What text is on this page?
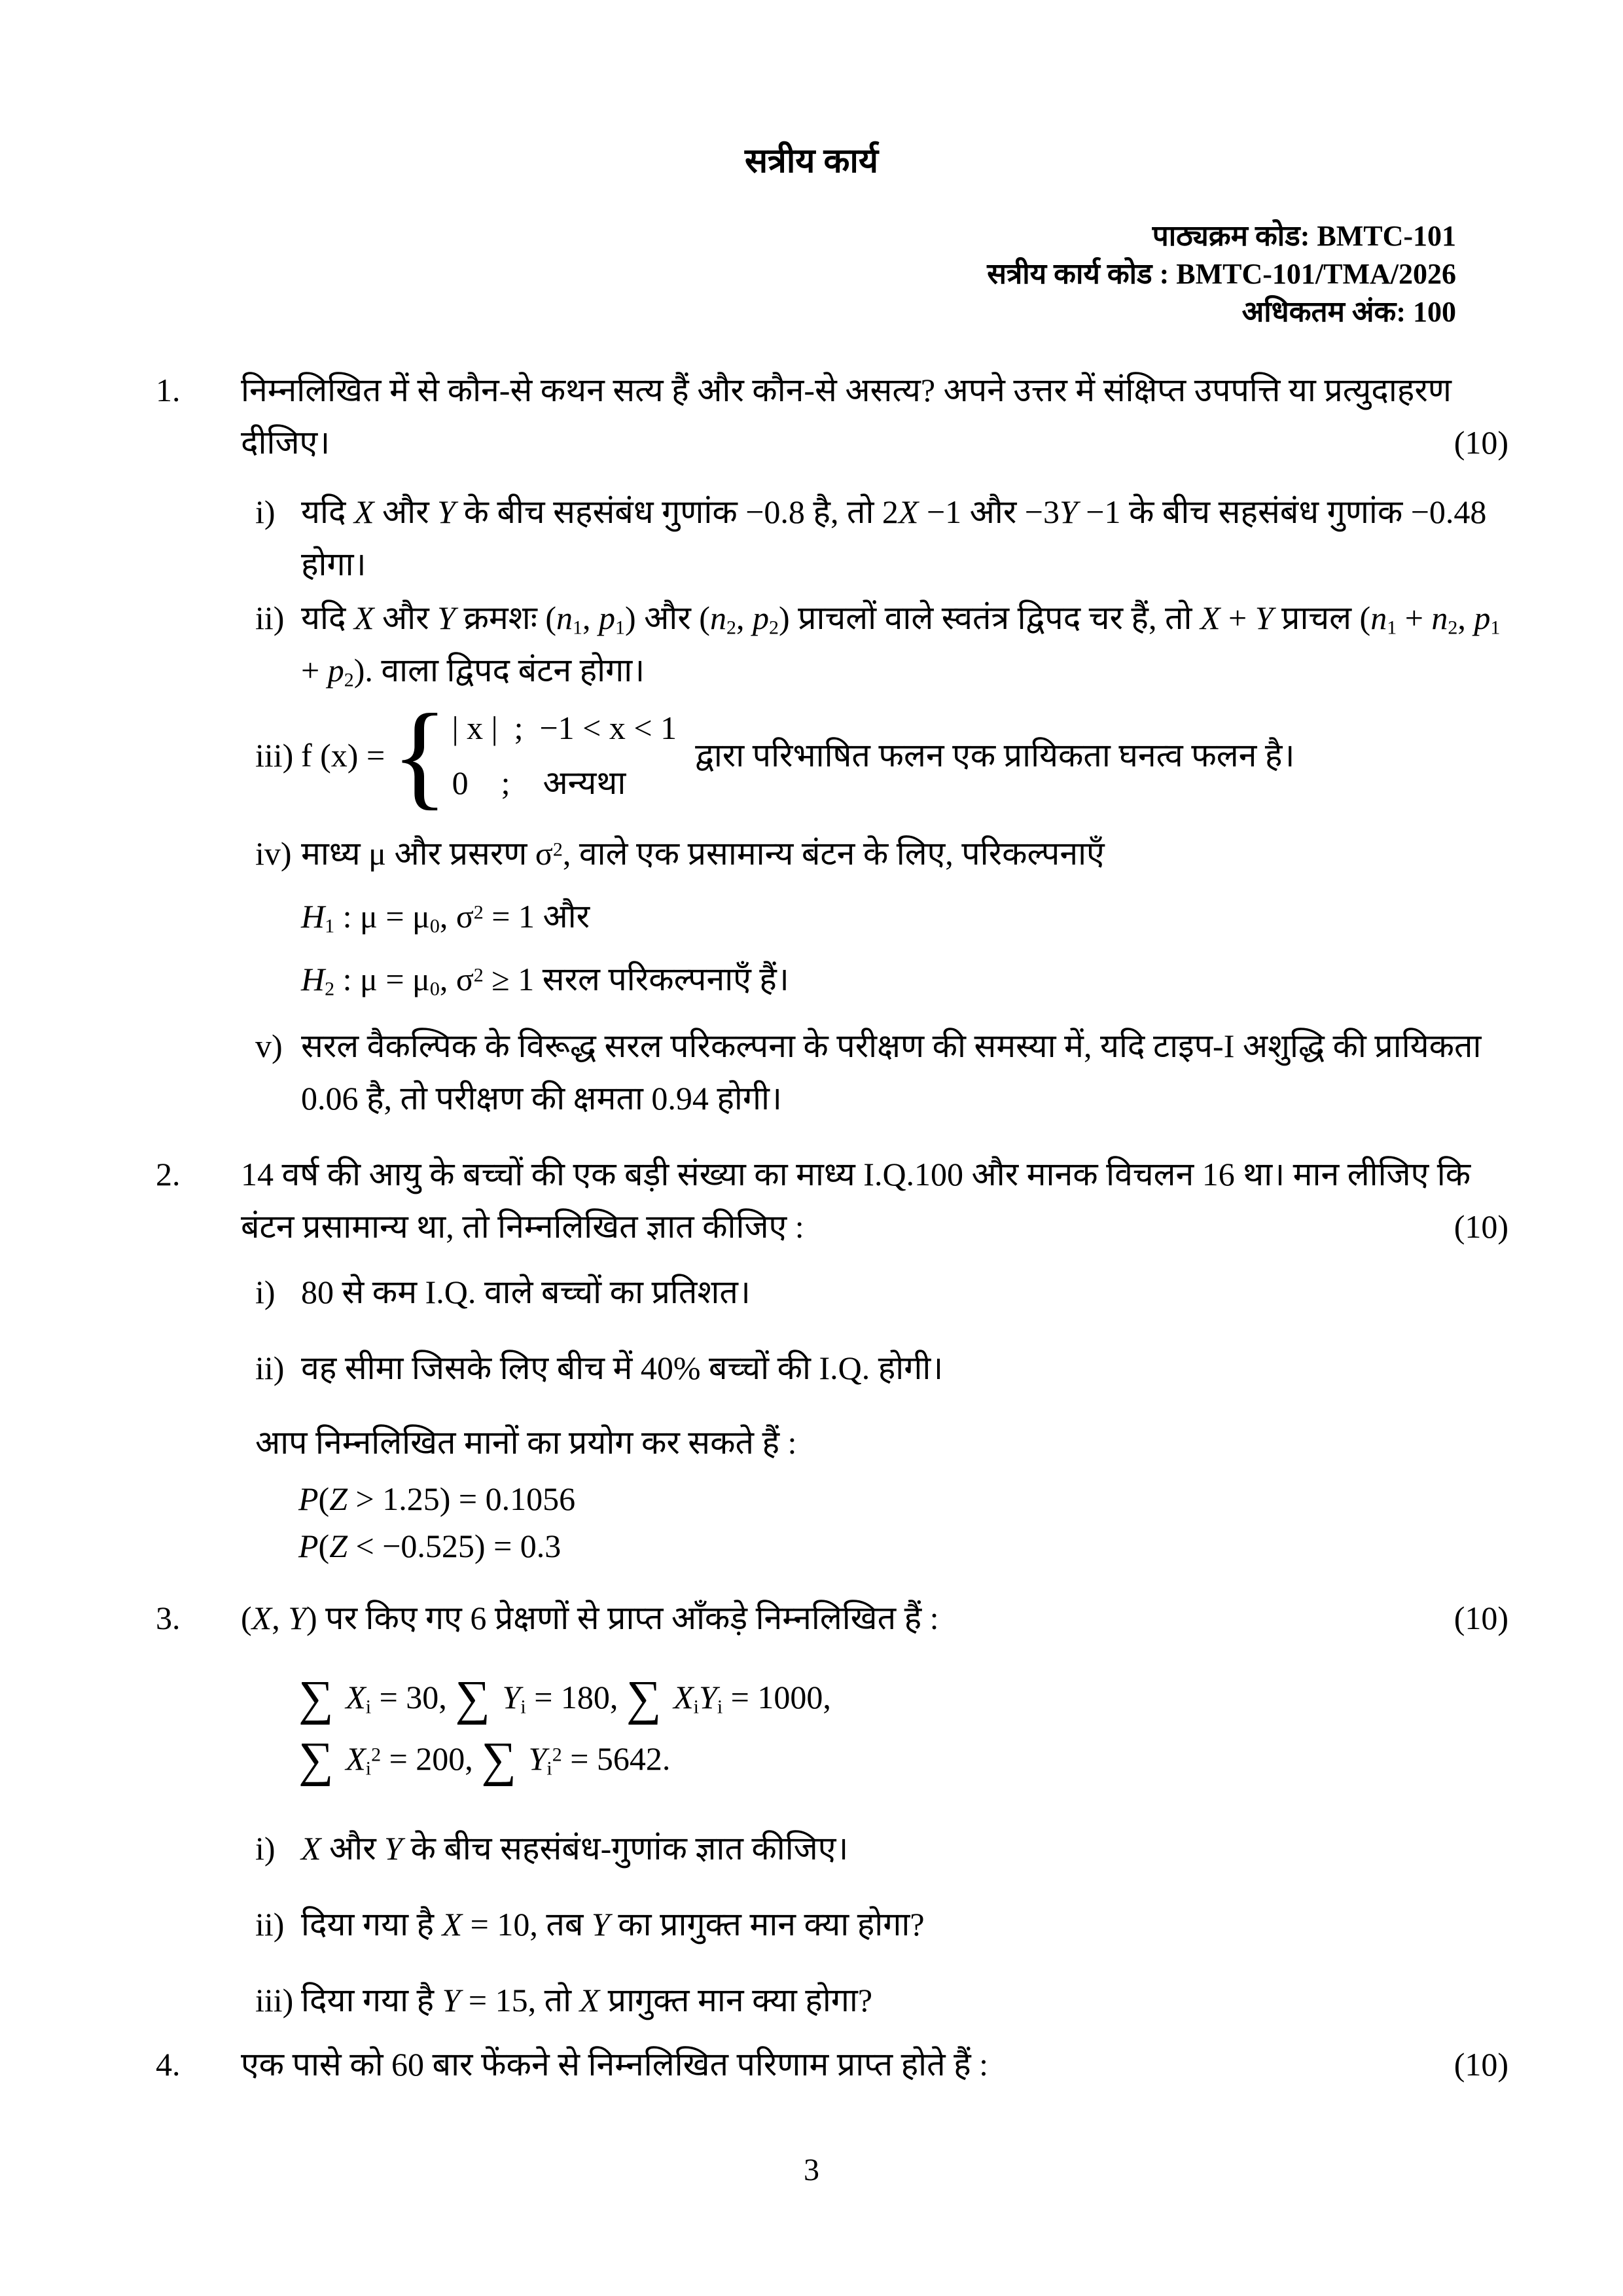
सत्रीय कार्य
पाठ्यक्रम कोड: BMTC-101
सत्रीय कार्य कोड : BMTC-101/TMA/2026
अधिकतम अंक: 100
1.	निम्नलिखित में से कौन-से कथन सत्य हैं और कौन-से असत्य? अपने उत्तर में संक्षिप्त उपपत्ति या प्रत्युदाहरण दीजिए।	(10)
i) यदि X और Y के बीच सहसंबंध गुणांक −0.8 है, तो 2X −1 और −3Y −1 के बीच सहसंबंध गुणांक −0.48 होगा।
ii) यदि X और Y क्रमशः (n1, p1) और (n2, p2) प्राचलों वाले स्वतंत्र द्विपद चर हैं, तो X + Y प्राचल (n1 + n2, p1 + p2). वाला द्विपद बंटन होगा।
iii) f (x) = { | x |  ;  −1 < x < 1
0    ;    अन्यथा
द्वारा परिभाषित फलन एक प्रायिकता घनत्व फलन है।
iv) माध्य μ और प्रसरण $\sigma^2$, वाले एक प्रसामान्य बंटन के लिए, परिकल्पनाएँ
H1 : μ = μ0, $\sigma^2 = 1$ और
H2 : μ = μ0, $\sigma^2 \ge 1$ सरल परिकल्पनाएँ हैं।
v) सरल वैकल्पिक के विरूद्ध सरल परिकल्पना के परीक्षण की समस्या में, यदि टाइप-I अशुद्धि की प्रायिकता 0.06 है, तो परीक्षण की क्षमता 0.94 होगी।
2.	14 वर्ष की आयु के बच्चों की एक बड़ी संख्या का माध्य I.Q.100 और मानक विचलन 16 था। मान लीजिए कि बंटन प्रसामान्य था, तो निम्नलिखित ज्ञात कीजिए :	(10)
i) 80 से कम I.Q. वाले बच्चों का प्रतिशत।
ii) वह सीमा जिसके लिए बीच में 40% बच्चों की I.Q. होगी।
आप निम्नलिखित मानों का प्रयोग कर सकते हैं :
P(Z > 1.25) = 0.1056
P(Z < −0.525) = 0.3
3.	(X, Y) पर किए गए 6 प्रेक्षणों से प्राप्त आँकड़े निम्नलिखित हैं :	(10)
∑ Xi = 30, ∑ Yi = 180, ∑ XiYi = 1000,
∑ $Xi^2 = 200$, ∑ $Yi^2 = 5642$.
i) X और Y के बीच सहसंबंध-गुणांक ज्ञात कीजिए।
ii) दिया गया है X = 10, तब Y का प्रागुक्त मान क्या होगा?
iii) दिया गया है Y = 15, तो X प्रागुक्त मान क्या होगा?
4.	एक पासे को 60 बार फेंकने से निम्नलिखित परिणाम प्राप्त होते हैं :	(10)
3
